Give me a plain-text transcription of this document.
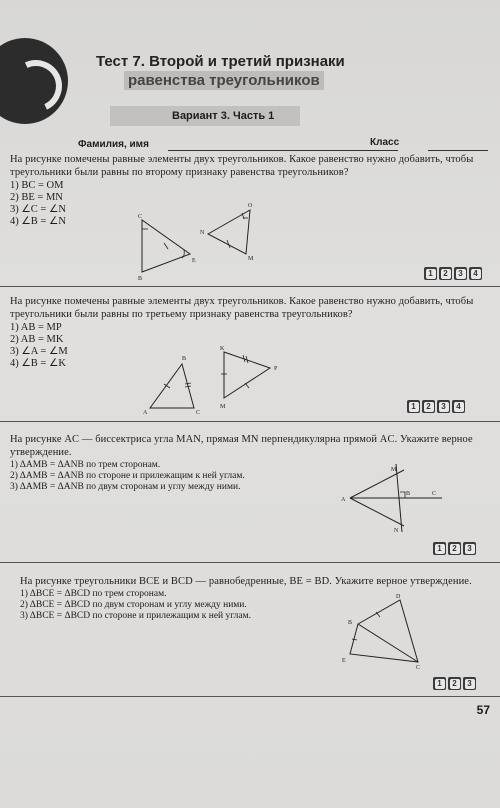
Тест 7. Второй и третий признаки
равенства треугольников
Вариант 3. Часть 1
Фамилия, имя	Класс
На рисунке помечены равные элементы двух треугольников. Какое равенство нужно добавить, чтобы треугольники были равны по второму признаку равенства треугольников?
1) BC = OM
2) BE = MN
3) ∠C = ∠N
4) ∠B = ∠N	C
B
E
N
O
M
1	2	3	4
На рисунке помечены равные элементы двух треугольников. Какое равенство нужно добавить, чтобы треугольники были равны по третьему признаку равенства треугольников?
1) AB = MP
2) AB = MK
3) ∠A = ∠M
4) ∠B = ∠K	B
A	C
K
P
M	1	2	3	4
На рисунке AC — биссектриса угла MAN, прямая MN перпендикулярна прямой AC. Укажите верное утверждение.
1) ΔAMB = ΔANB по трем сторонам.
2) ΔAMB = ΔANB по стороне и прилежащим к ней углам.
3) ΔAMB = ΔANB по двум сторонам и углу между ними.
M
B	C
A
N
1	2	3
На рисунке треугольники BCE и BCD — равнобедренные, BE = BD. Укажите верное утверждение.
1) ΔBCE = ΔBCD по трем сторонам.
2) ΔBCE = ΔBCD по двум сторонам и углу между ними.
3) ΔBCE = ΔBCD по стороне и прилежащим к ней углам.
D
B
E
C
1	2	3
57
